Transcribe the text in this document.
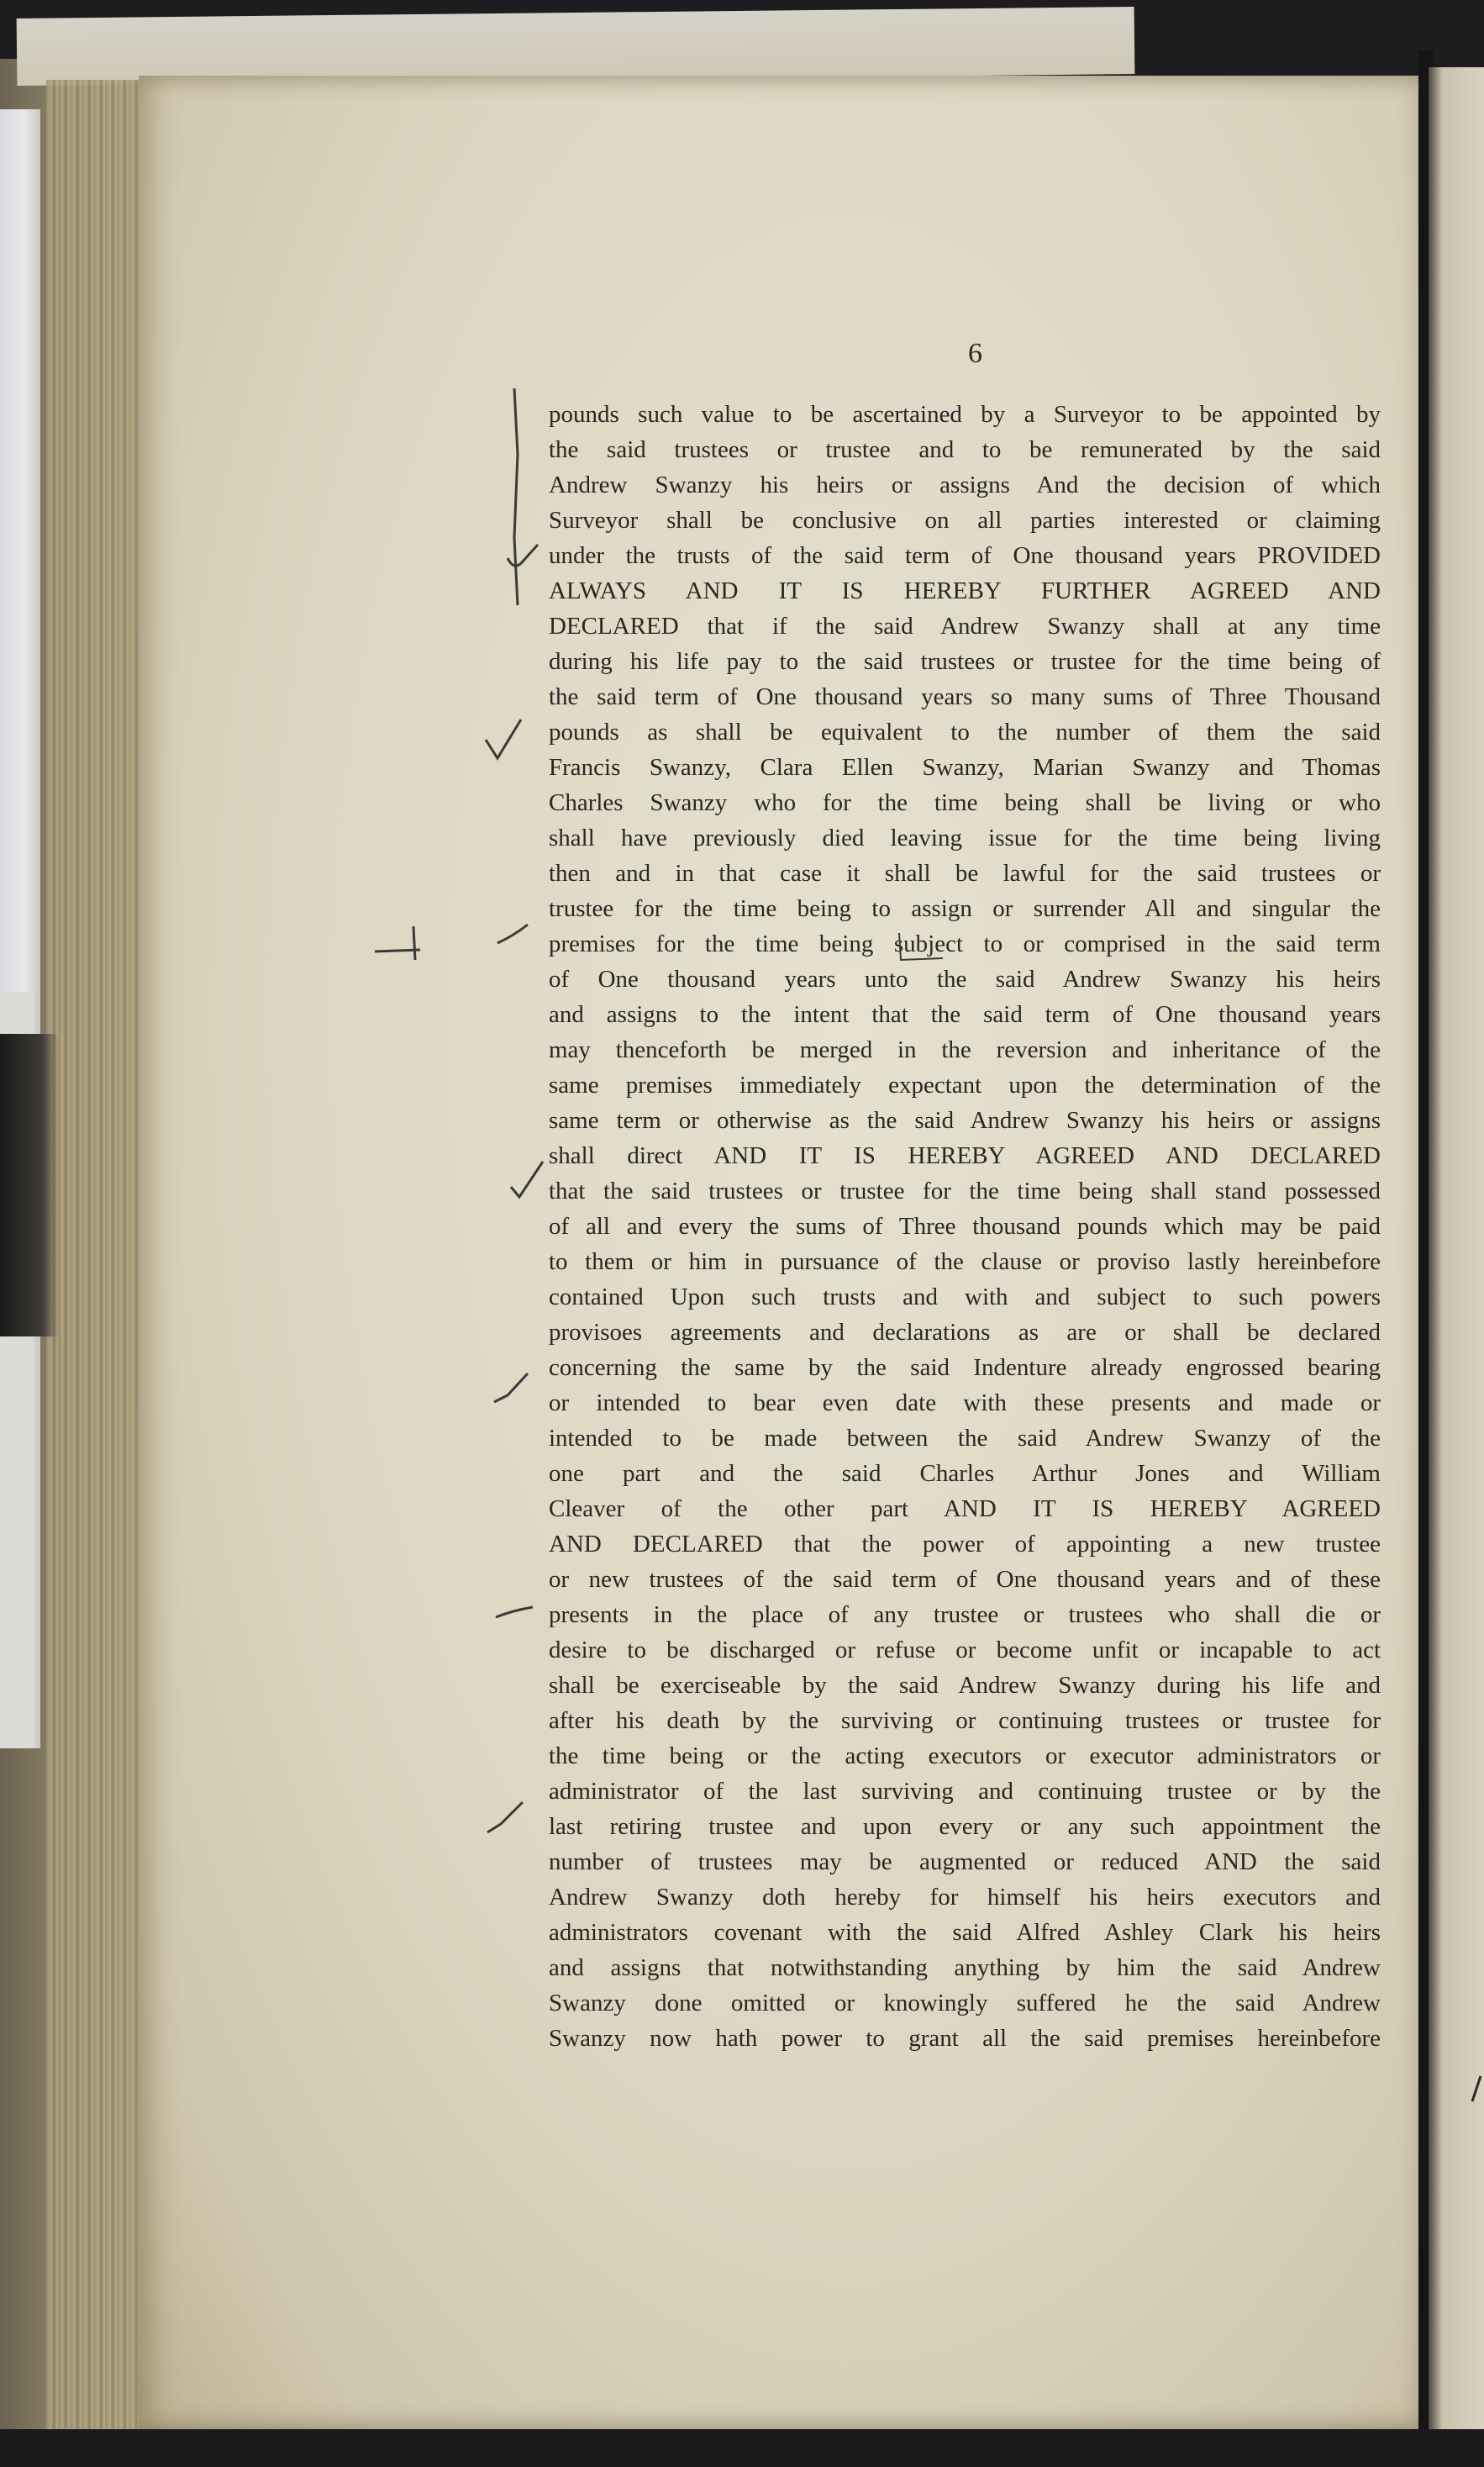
6
pounds such value to be ascertained by a Surveyor to be appointed by
the said trustees or trustee and to be remunerated by the said
Andrew Swanzy his heirs or assigns And the decision of which
Surveyor shall be conclusive on all parties interested or claiming
under the trusts of the said term of One thousand years PROVIDED
ALWAYS AND IT IS HEREBY FURTHER AGREED AND
DECLARED that if the said Andrew Swanzy shall at any time
during his life pay to the said trustees or trustee for the time being of
the said term of One thousand years so many sums of Three Thousand
pounds as shall be equivalent to the number of them the said
Francis Swanzy, Clara Ellen Swanzy, Marian Swanzy and Thomas
Charles Swanzy who for the time being shall be living or who
shall have previously died leaving issue for the time being living
then and in that case it shall be lawful for the said trustees or
trustee for the time being to assign or surrender All and singular the
premises for the time being subject to or comprised in the said term
of One thousand years unto the said Andrew Swanzy his heirs
and assigns to the intent that the said term of One thousand years
may thenceforth be merged in the reversion and inheritance of the
same premises immediately expectant upon the determination of the
same term or otherwise as the said Andrew Swanzy his heirs or assigns
shall direct AND IT IS HEREBY AGREED AND DECLARED
that the said trustees or trustee for the time being shall stand possessed
of all and every the sums of Three thousand pounds which may be paid
to them or him in pursuance of the clause or proviso lastly hereinbefore
contained Upon such trusts and with and subject to such powers
provisoes agreements and declarations as are or shall be declared
concerning the same by the said Indenture already engrossed bearing
or intended to bear even date with these presents and made or
intended to be made between the said Andrew Swanzy of the
one part and the said Charles Arthur Jones and William
Cleaver of the other part AND IT IS HEREBY AGREED
AND DECLARED that the power of appointing a new trustee
or new trustees of the said term of One thousand years and of these
presents in the place of any trustee or trustees who shall die or
desire to be discharged or refuse or become unfit or incapable to act
shall be exerciseable by the said Andrew Swanzy during his life and
after his death by the surviving or continuing trustees or trustee for
the time being or the acting executors or executor administrators or
administrator of the last surviving and continuing trustee or by the
last retiring trustee and upon every or any such appointment the
number of trustees may be augmented or reduced AND the said
Andrew Swanzy doth hereby for himself his heirs executors and
administrators covenant with the said Alfred Ashley Clark his heirs
and assigns that notwithstanding anything by him the said Andrew
Swanzy done omitted or knowingly suffered he the said Andrew
Swanzy now hath power to grant all the said premises hereinbefore
